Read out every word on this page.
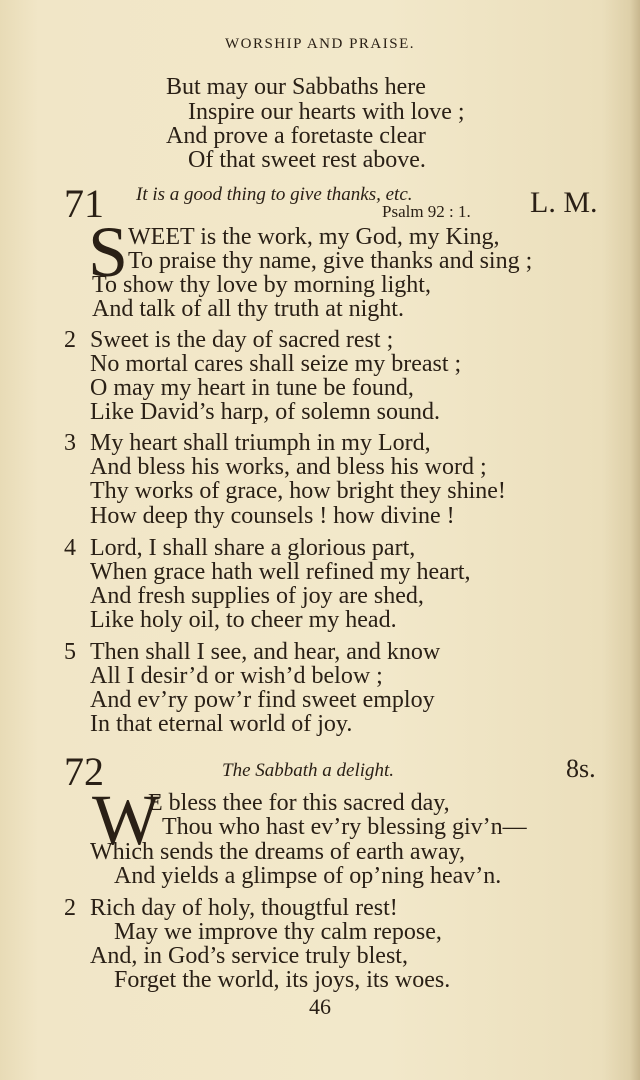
WORSHIP AND PRAISE.
But may our Sabbaths here
Inspire our hearts with love ;
And prove a foretaste clear
Of that sweet rest above.
71 It is a good thing to give thanks, etc.
Psalm 92 : 1. L. M.
S WEET is the work, my God, my King,
To praise thy name, give thanks and sing ;
To show thy love by morning light,
And talk of all thy truth at night.
2 Sweet is the day of sacred rest ;
No mortal cares shall seize my breast ;
O may my heart in tune be found,
Like David’s harp, of solemn sound.
3 My heart shall triumph in my Lord,
And bless his works, and bless his word ;
Thy works of grace, how bright they shine!
How deep thy counsels ! how divine !
4 Lord, I shall share a glorious part,
When grace hath well refined my heart,
And fresh supplies of joy are shed,
Like holy oil, to cheer my head.
5 Then shall I see, and hear, and know
All I desir’d or wish’d below ;
And ev’ry pow’r find sweet employ
In that eternal world of joy.
72	The Sabbath a delight.	8s.
W
E bless thee for this sacred day,
Thou who hast ev’ry blessing giv’n—
Which sends the dreams of earth away,
And yields a glimpse of op’ning heav’n.
2 Rich day of holy, thougtful rest!
May we improve thy calm repose,
And, in God’s service truly blest,
Forget the world, its joys, its woes.
46
